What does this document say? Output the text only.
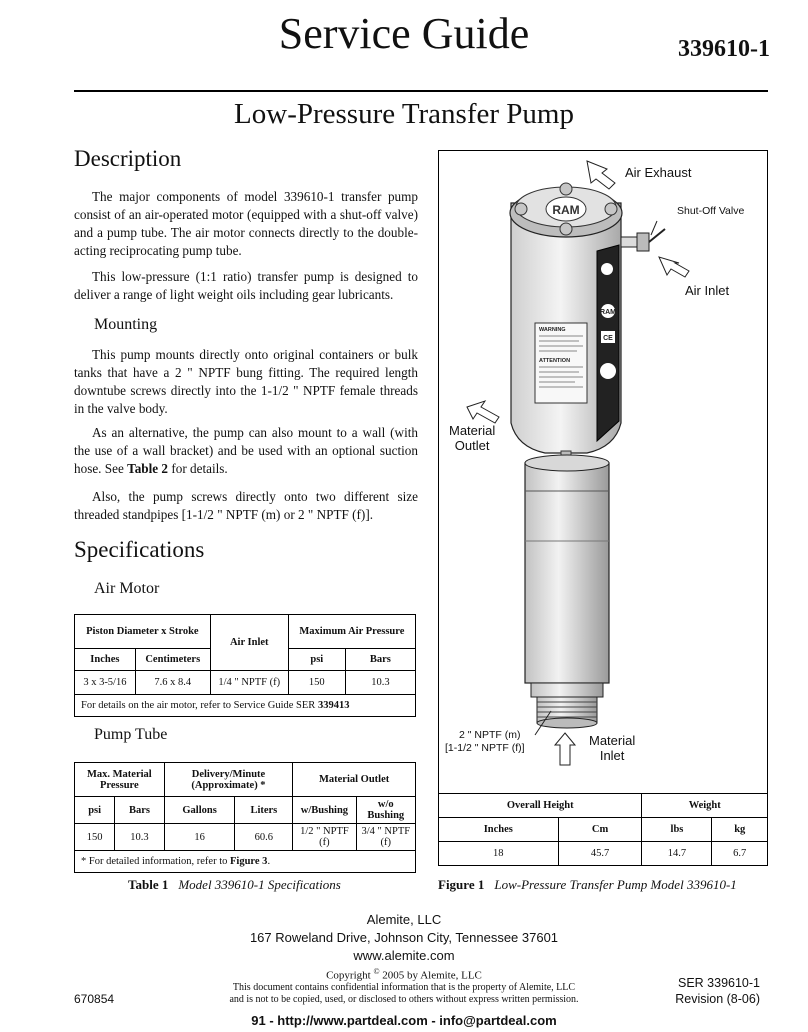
Service Guide	339610-1
Low-Pressure Transfer Pump
Description

The major components of model 339610-1 transfer pump consist of an air-operated motor (equipped with a shut-off valve) and a pump tube. The air motor connects directly to the double-acting reciprocating pump tube.

This low-pressure (1:1 ratio) transfer pump is designed to deliver a range of light weight oils including gear lubricants.

Mounting

This pump mounts directly onto original containers or bulk tanks that have a 2 " NPTF bung fitting. The required length downtube screws directly into the 1-1/2 " NPTF female threads in the valve body.

As an alternative, the pump can also mount to a wall (with the use of a wall bracket) and be used with an optional suction hose. See Table 2 for details.

Also, the pump screws directly onto two different size threaded standpipes [1-1/2 " NPTF (m) or 2 " NPTF (f)].

Specifications
Air Motor
Piston Diameter x Stroke		Air Inlet	Maximum Air Pressure	
Inches	Centimeters		psi	Bars
3 x 3-5/16	7.6 x 8.4	1/4 " NPTF (f)	150	10.3
For details on the air motor, refer to Service Guide SER 339413				
Pump Tube
Max. Material Pressure		Delivery/Minute (Approximate) *		Material Outlet	
psi	Bars	Gallons	Liters	w/Bushing	w/o Bushing
150	10.3	16	60.6	1/2 " NPTF (f)	3/4 " NPTF (f)
* For detailed information, refer to Figure 3.					
Table 1 Model 339610-1 Specifications
RAM
RAM
CE
WARNING
ATTENTION
Air Exhaust
Shut-Off Valve
Air Inlet
Material
Outlet
2 " NPTF (m)
[1-1/2 " NPTF (f)]	Material
Inlet
Overall Height		Weight	
Inches	Cm	lbs	kg
18	45.7	14.7	6.7
Figure 1 Low-Pressure Transfer Pump Model 339610-1
Alemite, LLC
167 Roweland Drive, Johnson City, Tennessee 37601
www.alemite.com
Copyright © 2005 by Alemite, LLC
This document contains confidential information that is the property of Alemite, LLC
and is not to be copied, used, or disclosed to others without express written permission.
670854
SER 339610-1
Revision (8-06)
91 - http://www.partdeal.com - info@partdeal.com
